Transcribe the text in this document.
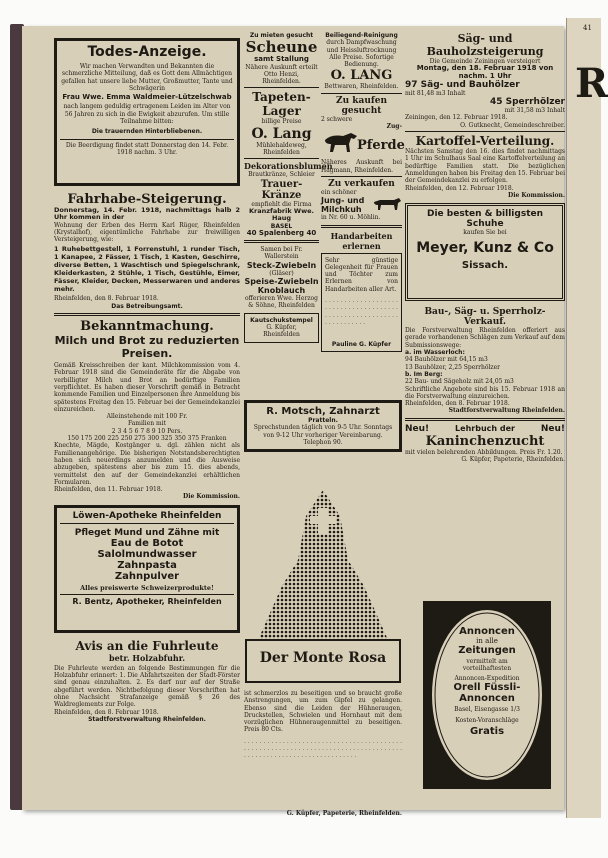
Todes-Anzeige.

Wir machen Verwandten und Bekannten die schmerzliche Mitteilung, daß es Gott dem Allmächtigen gefallen hat unsere liebe Mutter, Großmutter, Tante und Schwägerin

Frau Wwe. Emma Waldmeier-Lützelschwab

nach langem geduldig ertragenem Leiden im Alter von 56 Jahren zu sich in die Ewigkeit abzurufen. Um stille Teilnahme bitten:

Die trauernden Hinterbliebenen.

Die Beerdigung findet statt Donnerstag den 14. Febr. 1918 nachm. 3 Uhr.

Fahrhabe-Steigerung.

Donnerstag, 14. Febr. 1918, nachmittags halb 2 Uhr kommen in der

Wohnung der Erben des Herrn Karl Rüger, Rheinfelden (Krystalhof), eigentümliche Fahrhabe zur freiwilligen Versteigerung, wie:

1 Ruhebettgestell, 1 Forrenstuhl, 1 runder Tisch, 1 Kanapee, 2 Fässer, 1 Tisch, 1 Kasten, Geschirre, diverse Betten, 1 Waschtisch und Spiegelschrank, Kleiderkasten, 2 Stühle, 1 Tisch, Gestühle, Eimer, Fässer, Kleider, Decken, Messerwaren und anderes mehr.

Rheinfelden, den 8. Februar 1918.

Das Betreibungsamt.

Bekanntmachung.
Milch und Brot zu reduzierten Preisen.

Gemäß Kreisschreiben der kant. Milchkommission vom 4. Februar 1918 sind die Gemeinderäte für die Abgabe von verbilligter Milch und Brot an bedürftige Familien verpflichtet. Es haben dieser Vorschrift gemäß in Betracht kommende Familien und Einzelpersonen ihre Anmeldung bis spätestens Freitag den 15. Februar bei der Gemeindekanzlei einzureichen.

Alleinstehende mit 100 Fr.

Familien mit

2 3 4 5 6 7 8 9 10 Pers.

150 175 200 225 250 275 300 325 350 375 Franken

Knechte, Mägde, Kostgänger u. dgl. zählen nicht als Familienangehörige. Die bisherigen Notstandsberechtigten haben sich neuerdings anzumelden und die Ausweise abzugeben, spätestens aber bis zum 15. dies abends, vermittelst den auf der Gemeindekanzlei erhältlichen Formularen.

Rheinfelden, den 11. Februar 1918.

Die Kommission.

Löwen-Apotheke Rheinfelden
Pfleget Mund und Zähne mit
Eau de Botot
Salolmundwasser
Zahnpasta
Zahnpulver
Alles preiswerte Schweizerprodukte!
R. Bentz, Apotheker, Rheinfelden
Avis an die Fuhrleute
betr. Holzabfuhr.

Die Fuhrleute werden an folgende Bestimmungen für die Holzabfuhr erinnert: 1. Die Abfahrtszeiten der Stadt-Förster sind genau einzuhalten. 2. Es darf nur auf der Straße abgeführt werden. Nichtbefolgung dieser Vorschriften hat ohne Nachsicht Strafanzeige gemäß § 26 des Waldreglements zur Folge.

Rheinfelden, den 8. Februar 1918.

Stadtforstverwaltung Rheinfelden.

Zu mieten gesucht

Scheune

samt Stallung

Nähere Auskunft erteilt Otto Henzi, Rheinfelden.

Tapeten-Lager

billige Preise

O. Lang

Mühlehaldeweg, Rheinfelden

Dekorationsblumen

Brautkränze, Schleier

Trauer-Kränze

empfiehlt die Firma

Kranzfabrik Wwe. Haug

BASEL

40 Spalenberg 40

Samen bei Fr. Wallerstein

Steck-Zwiebeln

(Gläser)

Speise-Zwiebeln
Knoblauch

offerieren Wwe. Herzog & Söhne, Rheinfelden

Kautschukstempel

G. Küpfer, Rheinfelden

Beiliegend-Reinigung

durch Dampfwaschung und Heissluftrocknung

Alle Preise. Sofortige Bedienung.

O. LANG

Bettwaren, Rheinfelden.

Zu kaufen gesucht

2 schwere

Zug-

Pferde

Näheres Auskunft bei Hagmann, Rheinfelden.

Zu verkaufen

ein schöner

Jung- und Milchkuh

in Nr. 60 u. Möhlin.

Handarbeiten erlernen

Sehr günstige Gelegenheit für Frauen und Töchter zum Erlernen von Handarbeiten aller Art.

· · · · · · · · · · · · · · · · · · · · · · · · · · · · · · · · · · · · · · · · · · · · · · · · · · · · · · · · · · · · · · · · · · · ·

Pauline G. Küpfer

R. Motsch, Zahnarzt

Pratteln.

Sprechstunden täglich von 9-5 Uhr. Sonntags von 9-12 Uhr vorheriger Vereinbarung. Telephon 90.

Der Monte Rosa

ist schmerzlos zu beseitigen und so braucht große Anstrengungen, um zum Gipfel zu gelangen. Ebenso sind die Leiden der Hühneraugen, Druckstellen, Schwielen und Hornhaut mit dem vorzüglichen Hühneraugenmittel zu beseitigen. Preis 80 Cts.

· · · · · · · · · · · · · · · · · · · · · · · · · · · · · · · · · · · · · · · · · · · · · · · · · · · · · · · · · · · · · · · · · · · · · · · · · · · · · · · · · · · · · · · · · · · · · · · · · · · · · · · · · · · · · · · ·

G. Küpfer, Papeterie, Rheinfelden.

Säg- und Bauholzsteigerung

Die Gemeinde Zeiningen versteigert

Montag, den 18. Februar 1918 von nachm. 1 Uhr

97 Säg- und Bauhölzer

mit 81,48 m3 Inhalt

45 Sperrhölzer

mit 31,58 m3 Inhalt

Zeiningen, den 12. Februar 1918.

O. Gutknecht, Gemeindeschreiber.

Kartoffel-Verteilung.

Nächsten Samstag den 16. dies findet nachmittags 1 Uhr im Schulhaus Saal eine Kartoffelverteilung an bedürftige Familien statt. Die bezüglichen Anmeldungen haben bis Freitag den 15. Februar bei der Gemeindekanzlei zu erfolgen.

Rheinfelden, den 12. Februar 1918.

Die Kommission.

Die besten & billigsten Schuhe

kaufen Sie bei

Meyer, Kunz & Co
Sissach.
Bau-, Säg- u. Sperrholz-Verkauf.

Die Forstverwaltung Rheinfelden offeriert aus gerade vorhandenen Schlägen zum Verkauf auf dem Submissionswege:

a. im Wasserloch:

94 Bauhölzer mit 64,15 m3

13 Bauhölzer, 2,25 Sperrhölzer

b. Im Berg:

22 Bau- und Sägeholz mit 24,05 m3

Schriftliche Angebote sind bis 15. Februar 1918 an die Forstverwaltung einzureichen.

Rheinfelden, den 8. Februar 1918.

Stadtforstverwaltung Rheinfelden.

Neu!	Lehrbuch der	Neu!
Kaninchenzucht

mit vielen belehrenden Abbildungen. Preis Fr. 1.20.

G. Küpfer, Papeterie, Rheinfelden.

Annoncen
in alle
Zeitungen
vermittelt am vorteilhaftesten
Annoncen-Expedition
Orell Füssli-
Annoncen
Basel, Eisengasse 1/3
Kosten-Voranschläge
Gratis
41
R
